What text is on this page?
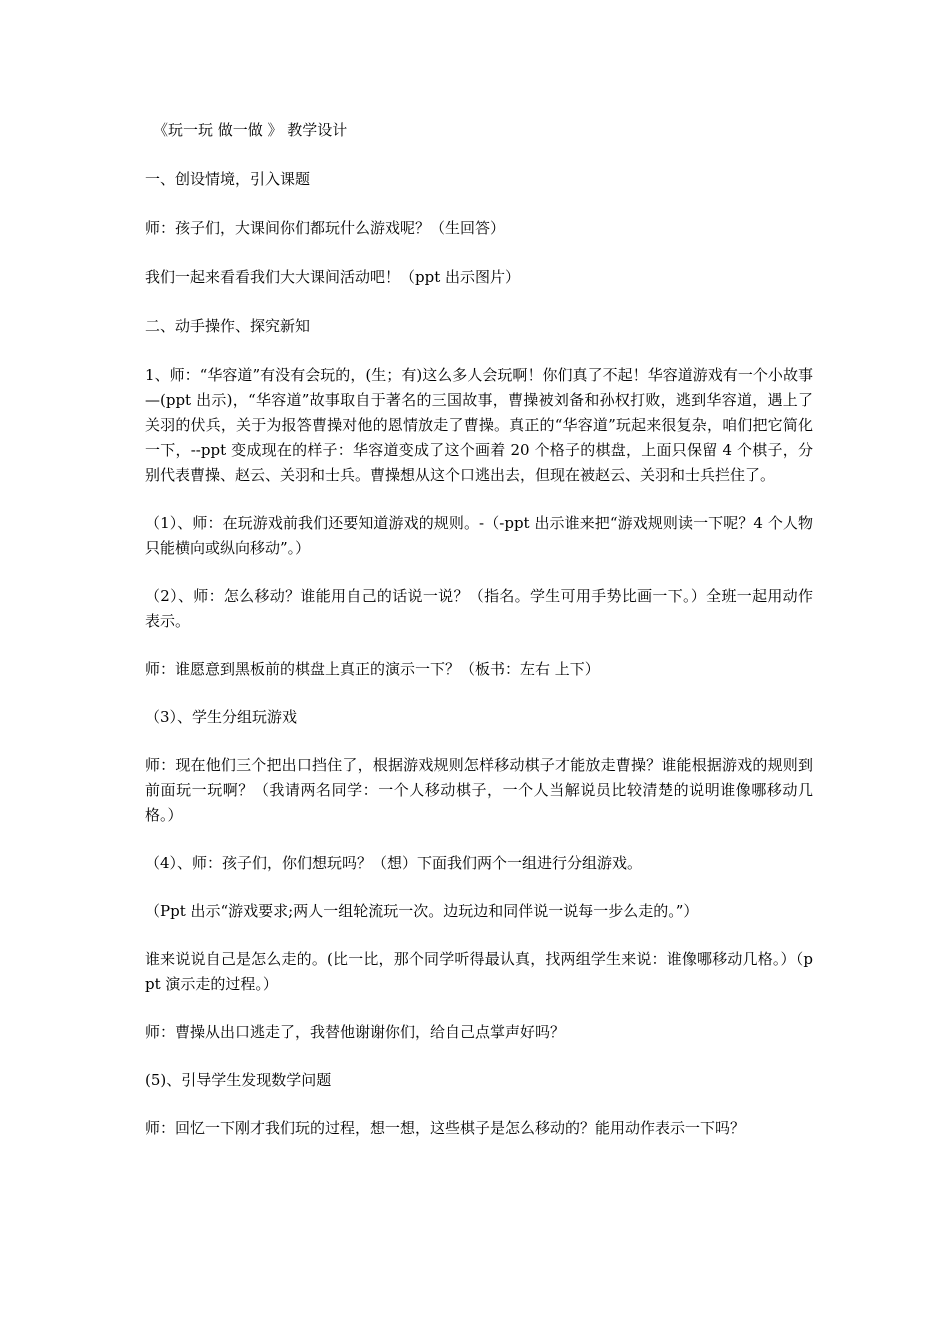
《玩一玩 做一做 》 教学设计

一、创设情境，引入课题

师：孩子们，大课间你们都玩什么游戏呢？（生回答）

我们一起来看看我们大大课间活动吧！（ppt 出示图片）

二、动手操作、探究新知

1、师：“华容道”有没有会玩的，(生；有)这么多人会玩啊！你们真了不起！华容道游戏有一个小故事—(ppt 出示)，“华容道”故事取自于著名的三国故事，曹操被刘备和孙权打败，逃到华容道，遇上了关羽的伏兵，关于为报答曹操对他的恩情放走了曹操。真正的“华容道”玩起来很复杂，咱们把它简化一下，--ppt 变成现在的样子：华容道变成了这个画着 20 个格子的棋盘，上面只保留 4 个棋子，分别代表曹操、赵云、关羽和士兵。曹操想从这个口逃出去，但现在被赵云、关羽和士兵拦住了。

（1）、师：在玩游戏前我们还要知道游戏的规则。-（-ppt 出示谁来把“游戏规则读一下呢？4 个人物只能横向或纵向移动”。）

（2）、师：怎么移动？谁能用自己的话说一说？（指名。学生可用手势比画一下。）全班一起用动作表示。

师：谁愿意到黑板前的棋盘上真正的演示一下？（板书：左右 上下）

（3）、学生分组玩游戏

师：现在他们三个把出口挡住了，根据游戏规则怎样移动棋子才能放走曹操？谁能根据游戏的规则到前面玩一玩啊？（我请两名同学：一个人移动棋子，一个人当解说员比较清楚的说明谁像哪移动几格。）

（4）、师：孩子们，你们想玩吗？（想）下面我们两个一组进行分组游戏。

（Ppt 出示“游戏要求;两人一组轮流玩一次。边玩边和同伴说一说每一步么走的。”）

谁来说说自己是怎么走的。(比一比，那个同学听得最认真，找两组学生来说：谁像哪移动几格。）（ppt 演示走的过程。）

师：曹操从出口逃走了，我替他谢谢你们，给自己点掌声好吗？

(5)、引导学生发现数学问题

师：回忆一下刚才我们玩的过程，想一想，这些棋子是怎么移动的？能用动作表示一下吗？
